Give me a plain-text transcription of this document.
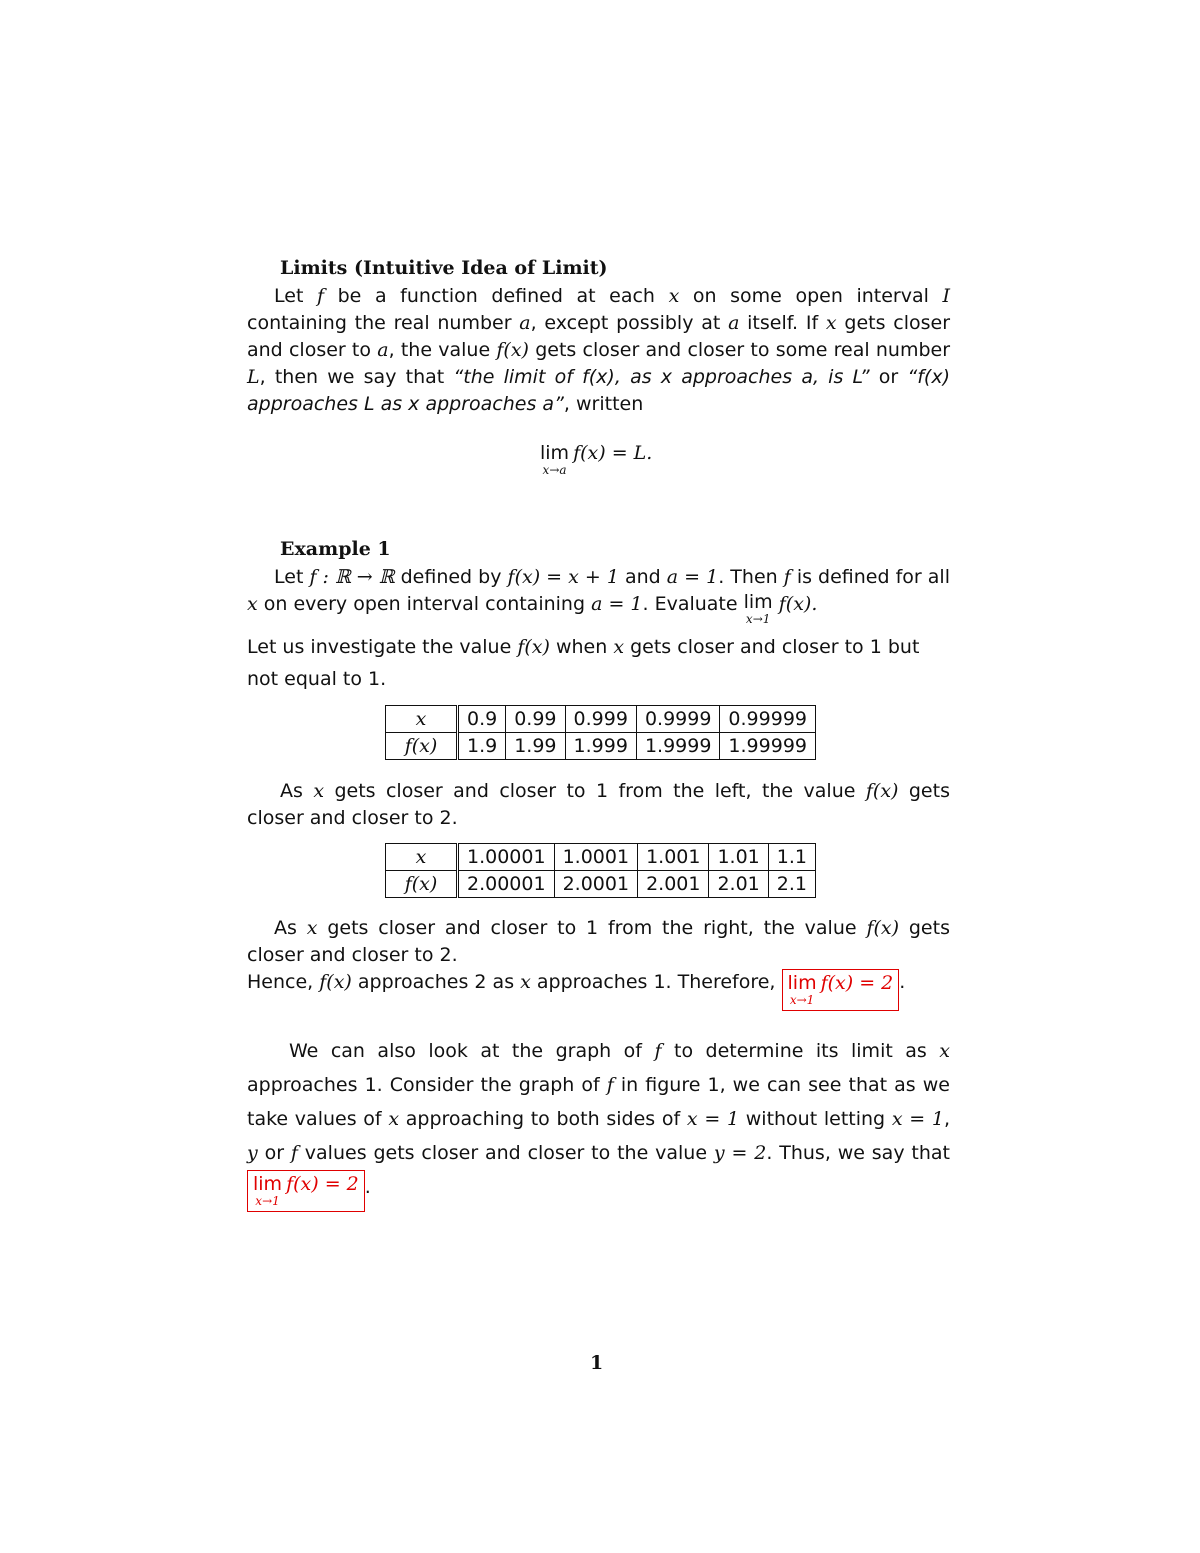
Limits (Intuitive Idea of Limit)
Let f be a function defined at each x on some open interval I containing the real number a, except possibly at a itself. If x gets closer and closer to a, the value f(x) gets closer and closer to some real number L, then we say that “the limit of f(x), as x approaches a, is L” or “f(x) approaches L as x approaches a”, written
lim
x→a
f(x) = L.
Example 1
Let f : ℝ → ℝ defined by f(x) = x + 1 and a = 1. Then f is defined for all x on every open interval containing a = 1. Evaluate lim
x→1
f(x).
Let us investigate the value f(x) when x gets closer and closer to 1 but not equal to 1.
x	0.9	0.99	0.999	0.9999	0.99999
f(x)	1.9	1.99	1.999	1.9999	1.99999
As x gets closer and closer to 1 from the left, the value f(x) gets closer and closer to 2.
x	1.00001	1.0001	1.001	1.01	1.1
f(x)	2.00001	2.0001	2.001	2.01	2.1
As x gets closer and closer to 1 from the right, the value f(x) gets closer and closer to 2.
Hence, f(x) approaches 2 as x approaches 1. Therefore, lim
x→1
f(x) = 2 .
We can also look at the graph of f to determine its limit as x approaches 1. Consider the graph of f in figure 1, we can see that as we take values of x approaching to both sides of x = 1 without letting x = 1, y or f values gets closer and closer to the value y = 2. Thus, we say that
lim
x→1
f(x) = 2 .
1
